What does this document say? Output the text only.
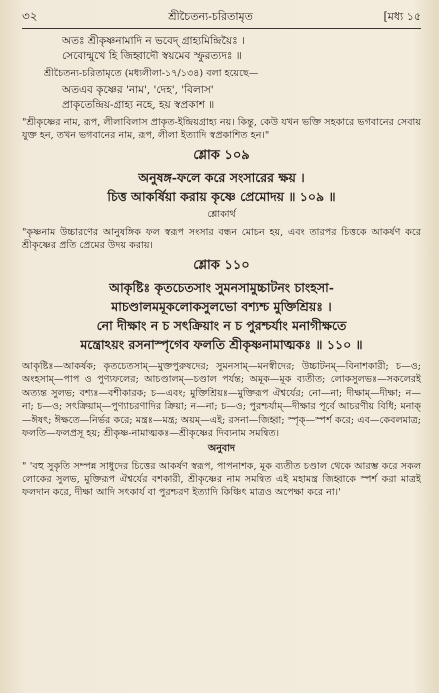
৩২	শ্রীচৈতন্য-চরিতামৃত	[মধ্য ১৫
অতঃ শ্রীকৃষ্ণনামাদি ন ভবেদ্ গ্রাহ্যমিন্দ্রিয়ৈঃ ।
সেবোন্মুখে হি জিহ্বাদৌ স্বয়মেব স্ফুরত্যদঃ ॥
শ্রীচৈতন্য-চরিতামৃতে (মধ্যলীলা-১৭/১৩৪) বলা হয়েছে—
অতএব কৃষ্ণের 'নাম', 'দেহ', 'বিলাস'
প্রাকৃতেন্দ্রিয়-গ্রাহ্য নহে, হয় স্বপ্রকাশ ॥
"শ্রীকৃষ্ণের নাম, রূপ, লীলাবিলাস প্রাকৃত-ইন্দ্রিয়গ্রাহ্য নয়। কিন্তু, কেউ যখন ভক্তি সহকারে ভগবানের সেবায় যুক্ত হন, তখন ভগবানের নাম, রূপ, লীলা ইত্যাদি স্বপ্রকাশিত হন।"
শ্লোক ১০৯
অনুষঙ্গ-ফলে করে সংসারের ক্ষয় ।
চিত্ত আকর্ষিয়া করায় কৃষ্ণে প্রেমোদয় ॥ ১০৯ ॥
শ্লোকার্থ
"কৃষ্ণনাম উচ্চারণের আনুষঙ্গিক ফল স্বরূপ সংসার বন্ধন মোচন হয়, এবং তারপর চিত্তকে আকর্ষণ করে শ্রীকৃষ্ণের প্রতি প্রেমের উদয় করায়।
শ্লোক ১১০
আকৃষ্টিঃ কৃতচেতসাং সুমনসামুচ্চাটনং চাংহসা-
মাচণ্ডালমমূকলোকসুলভো বশ্যশ্চ মুক্তিশ্রিয়ঃ ।
নো দীক্ষাং ন চ সৎক্রিয়াং ন চ পুরশ্চর্যাং মনাগীক্ষতে
মন্ত্রোঽয়ং রসনাস্পৃগেব ফলতি শ্রীকৃষ্ণনামাত্মকঃ ॥ ১১০ ॥
আকৃষ্টিঃ—আকর্ষক; কৃতচেতসাম্—মুক্তপুরুষদের; সুমনসাম্—মনস্বীদের; উচ্চাটনম্—বিনাশকারী; চ—ও; অংহসাম্—পাপ ও পুণ্যফলের; আচণ্ডালম্—চণ্ডাল পর্যন্ত; অমূক—মূক ব্যতীত; লোকসুলভঃ—সকলেরই অত্যন্ত সুলভ; বশ্যঃ—বশীকারক; চ—এবং; মুক্তিশ্রিয়ঃ—মুক্তিরূপ ঐশ্বর্যের; নো—না; দীক্ষাম্—দীক্ষা; ন—না; চ—ও; সৎক্রিয়াম্—পুণ্যাচরণাদির ক্রিয়া; ন—না; চ—ও; পুরশ্চর্যাম্—দীক্ষার পূর্বে আচরণীয় বিধি; মনাক্—ঈষৎ; ঈক্ষতে—নির্ভর করে; মন্ত্রঃ—মন্ত্র; অয়ম্—এই; রসনা—জিহ্বা; স্পৃক্—স্পর্শ করে; এব—কেবলমাত্র; ফলতি—ফলপ্রসূ হয়; শ্রীকৃষ্ণ-নামাত্মকঃ—শ্রীকৃষ্ণের দিব্যনাম সমন্বিত।
অনুবাদ
" 'বহু সুকৃতি সম্পন্ন সাধুদের চিত্তের আকর্ষণ স্বরূপ, পাপনাশক, মূক ব্যতীত চণ্ডাল থেকে আরম্ভ করে সকল লোকের সুলভ, মুক্তিরূপ ঐশ্বর্যের বশকারী, শ্রীকৃষ্ণের নাম সমন্বিত এই মহামন্ত্র জিহ্বাকে স্পর্শ করা মাত্রই ফলদান করে, দীক্ষা আদি সৎকার্য বা পুরশ্চরণ ইত্যাদি কিঞ্চিৎ মাত্রও অপেক্ষা করে না।'
